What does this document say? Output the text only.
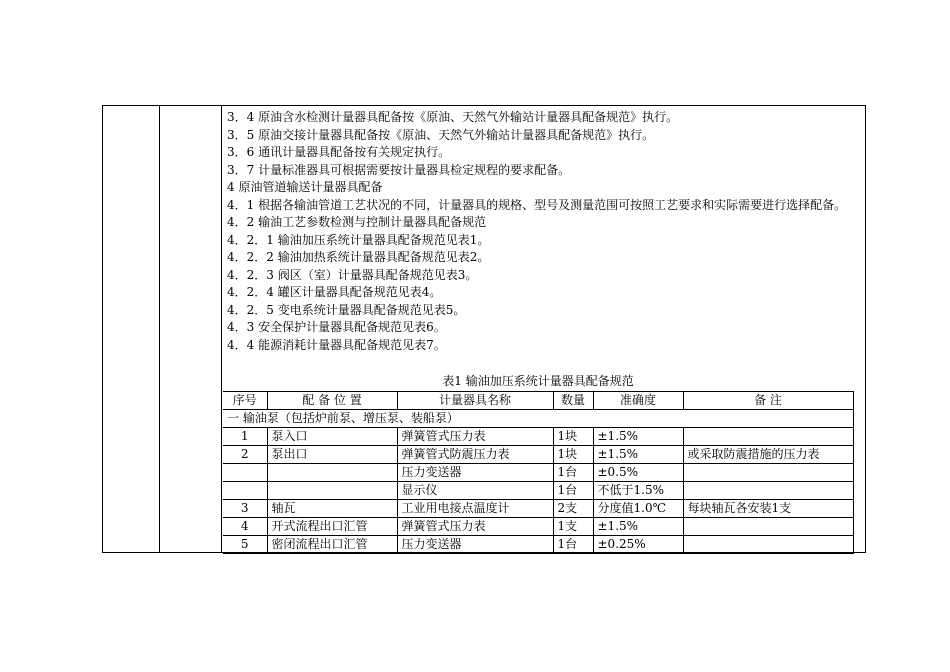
3．4 原油含水检测计量器具配备按《原油、天然气外输站计量器具配备规范》执行。

3．5 原油交接计量器具配备按《原油、天然气外输站计量器具配备规范》执行。

3．6 通讯计量器具配备按有关规定执行。

3．7 计量标准器具可根据需要按计量器具检定规程的要求配备。

4 原油管道输送计量器具配备

4．1 根据各输油管道工艺状况的不同，计量器具的规格、型号及测量范围可按照工艺要求和实际需要进行选择配备。

4．2 输油工艺参数检测与控制计量器具配备规范

4．2．1 输油加压系统计量器具配备规范见表1。

4．2．2 输油加热系统计量器具配备规范见表2。

4．2．3 阀区（室）计量器具配备规范见表3。

4．2．4 罐区计量器具配备规范见表4。

4．2．5 变电系统计量器具配备规范见表5。

4．3 安全保护计量器具配备规范见表6。

4．4 能源消耗计量器具配备规范见表7。

表1 输油加压系统计量器具配备规范
序号	配 备 位 置	计量器具名称	数量	准确度	备 注
一 输油泵（包括炉前泵、增压泵、装船泵）					
1	泵入口	弹簧管式压力表	1块	±1.5%	
2	泵出口	弹簧管式防震压力表	1块	±1.5%	或采取防震措施的压力表
		压力变送器	1台	±0.5%	
		显示仪	1台	不低于1.5%	
3	轴瓦	工业用电接点温度计	2支	分度值1.0℃	每块轴瓦各安装1支
4	开式流程出口汇管	弹簧管式压力表	1支	±1.5%	
5	密闭流程出口汇管	压力变送器	1台	±0.25%	
